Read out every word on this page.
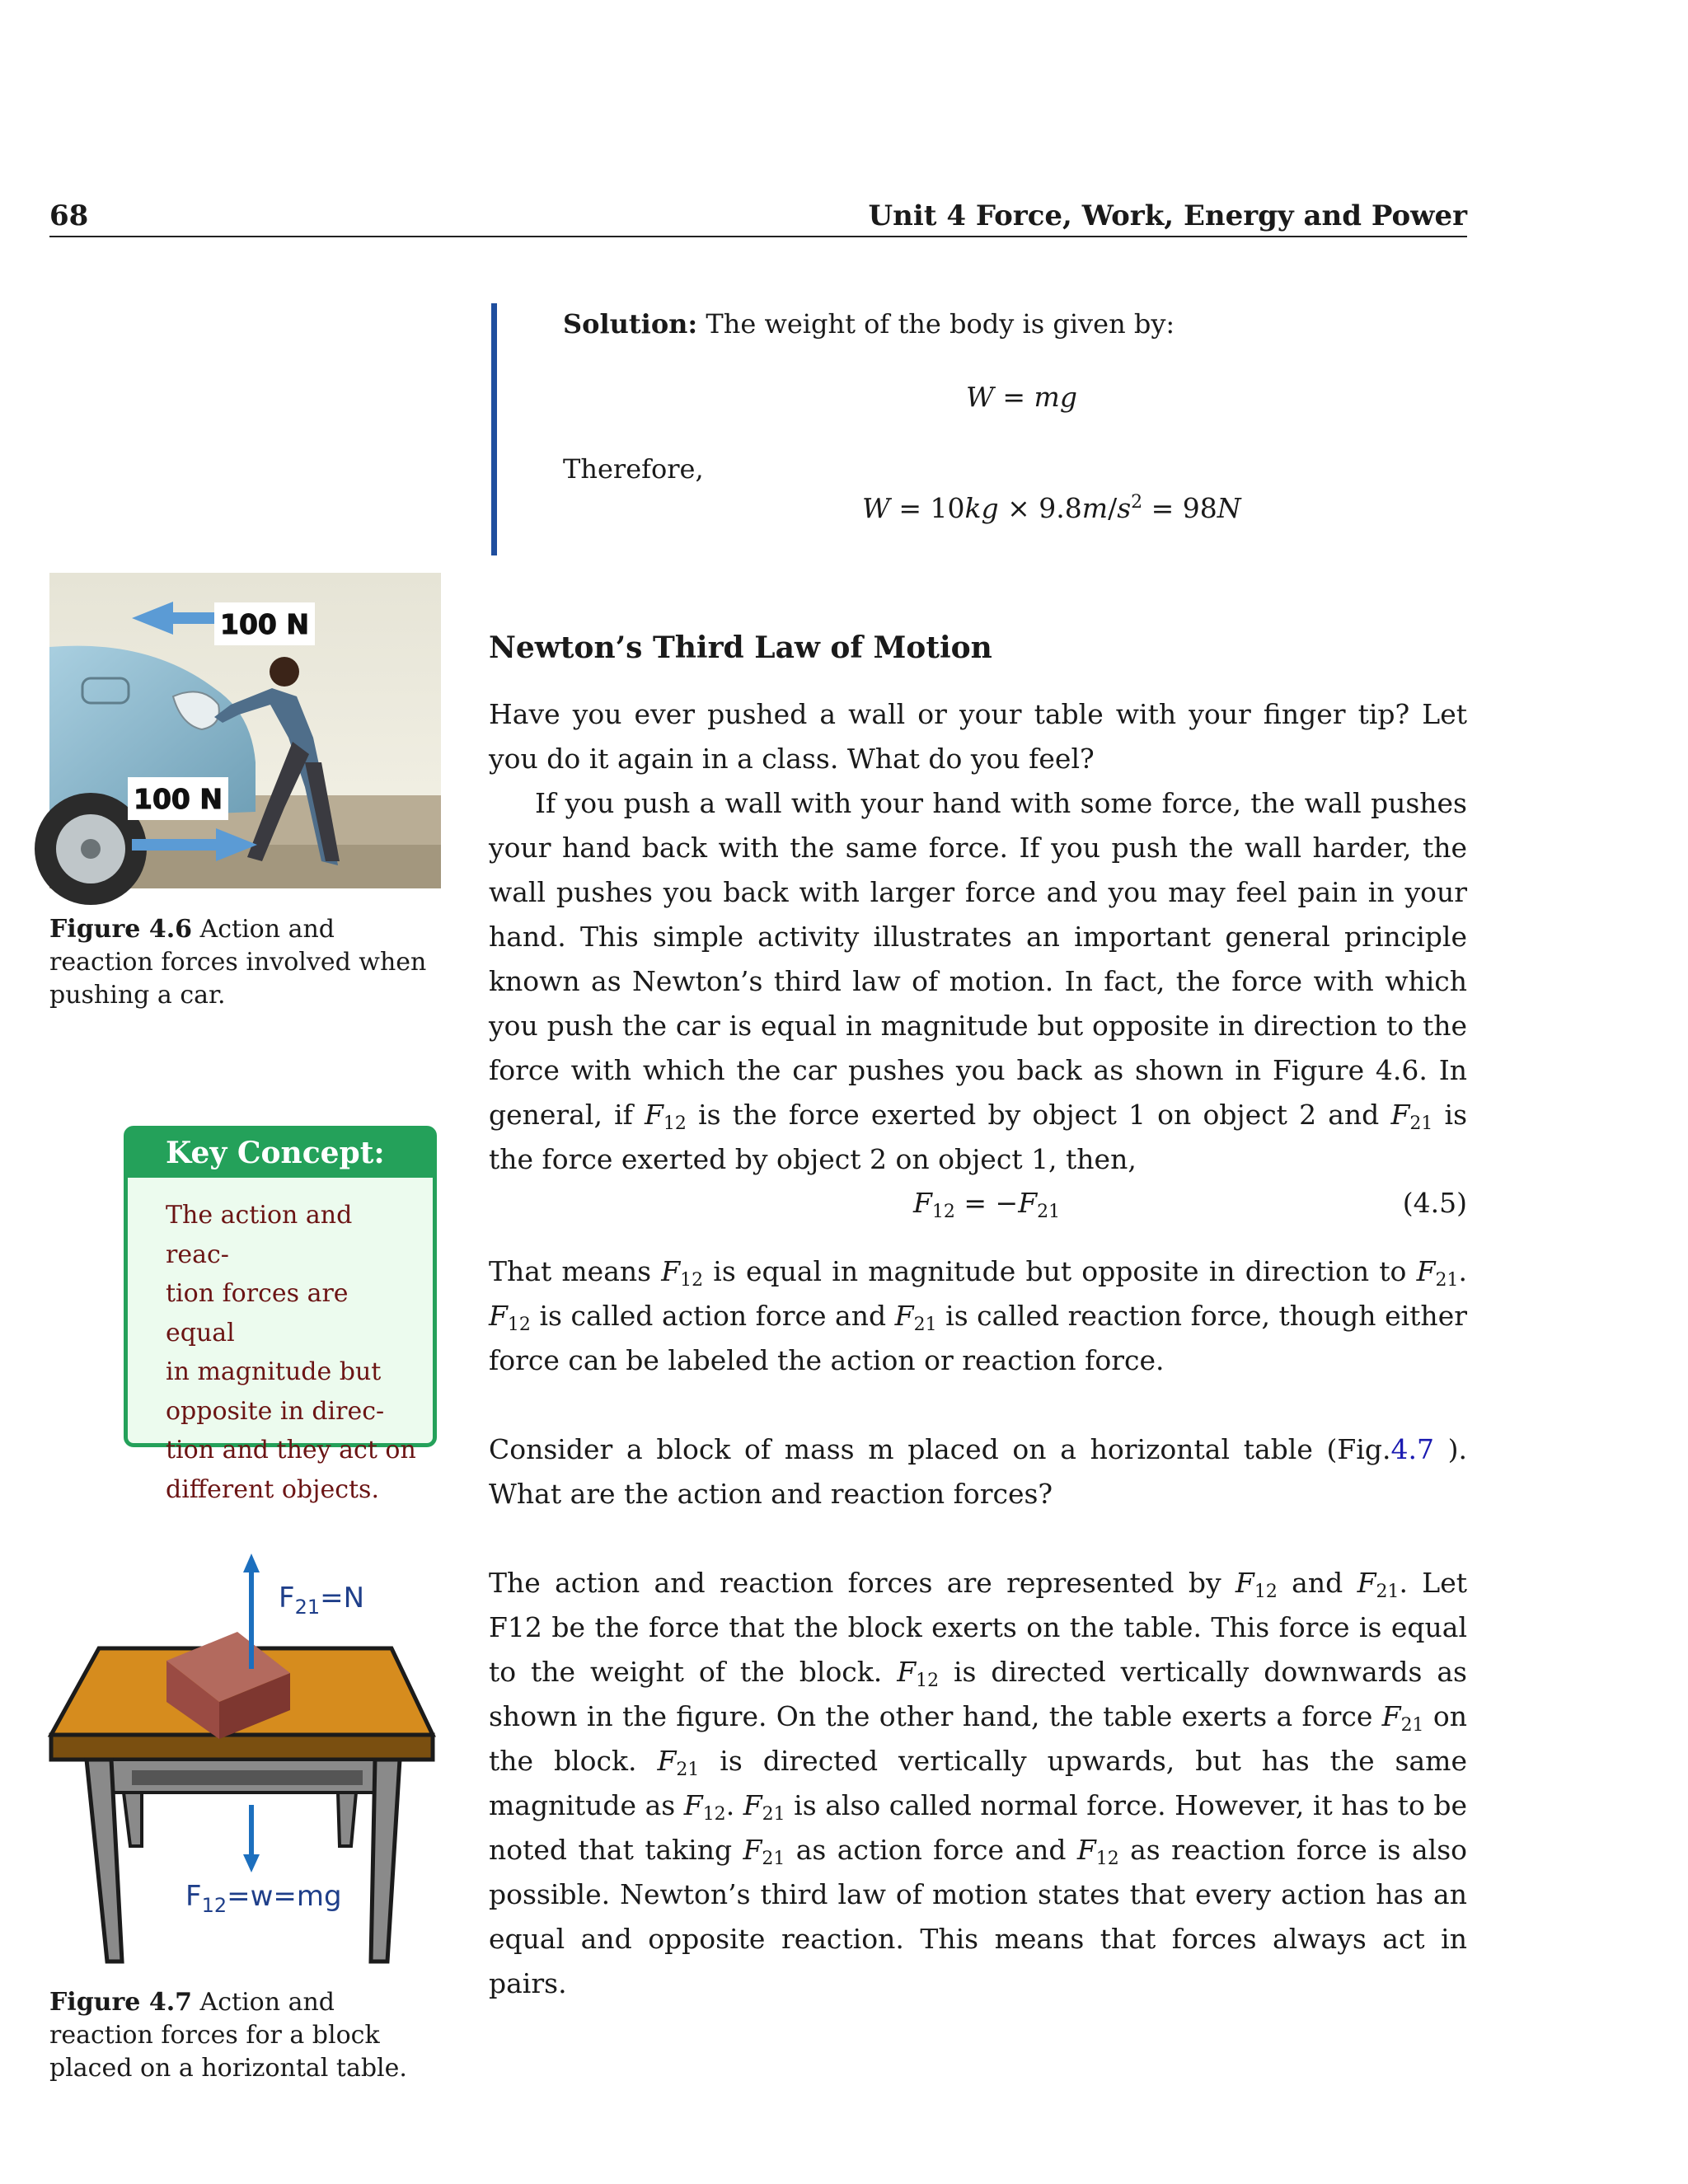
68	Unit 4 Force, Work, Energy and Power
Solution: The weight of the body is given by:
W = mg
Therefore,
$W = 10kg \times 9.8m/s^2 = 98N$
100 N
100 N
Figure 4.6 Action and reaction forces involved when pushing a car.
Key Concept:
The action and reac-
tion forces are equal
in magnitude but
opposite in direc-
tion and they act on
different objects.
$F_{21}=N$
$F_{12}=w=mg$
Figure 4.7 Action and reaction forces for a block placed on a horizontal table.
Newton’s Third Law of Motion
Have you ever pushed a wall or your table with your finger tip? Let you do it again in a class. What do you feel?
If you push a wall with your hand with some force, the wall pushes your hand back with the same force. If you push the wall harder, the wall pushes you back with larger force and you may feel pain in your hand. This simple activity illustrates an important general principle known as Newton’s third law of motion. In fact, the force with which you push the car is equal in magnitude but opposite in direction to the force with which the car pushes you back as shown in Figure 4.6. In general, if $F_{12}$ is the force exerted by object 1 on object 2 and $F_{21}$ is the force exerted by object 2 on object 1, then,
$F_{12} = -F_{21}$	(4.5)
That means $F_{12}$ is equal in magnitude but opposite in direction to $F_{21}$. $F_{12}$ is called action force and $F_{21}$ is called reaction force, though either force can be labeled the action or reaction force.
Consider a block of mass m placed on a horizontal table (Fig.4.7 ). What are the action and reaction forces?
The action and reaction forces are represented by $F_{12}$ and $F_{21}$. Let F12 be the force that the block exerts on the table. This force is equal to the weight of the block. $F_{12}$ is directed vertically downwards as shown in the figure. On the other hand, the table exerts a force $F_{21}$ on the block. $F_{21}$ is directed vertically upwards, but has the same magnitude as $F_{12}$. $F_{21}$ is also called normal force. However, it has to be noted that taking $F_{21}$ as action force and $F_{12}$ as reaction force is also possible. Newton’s third law of motion states that every action has an equal and opposite reaction. This means that forces always act in pairs.
